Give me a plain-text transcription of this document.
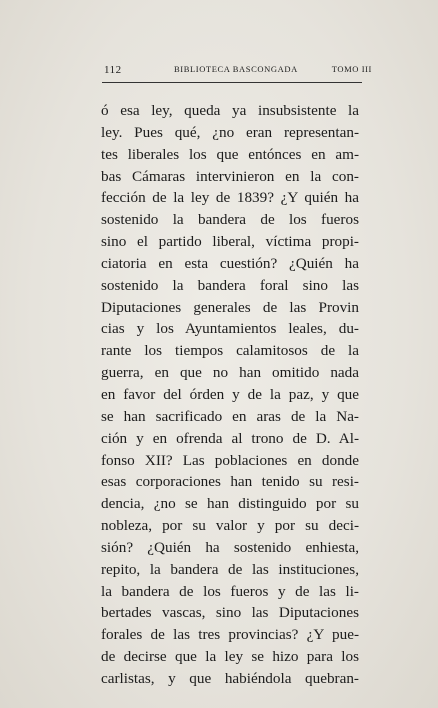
112	BIBLIOTECA BASCONGADA	TOMO III
ó esa ley, queda ya insubsistente la
ley. Pues qué, ¿no eran representan-
tes liberales los que entónces en am-
bas Cámaras intervinieron en la con-
fección de la ley de 1839? ¿Y quién ha
sostenido la bandera de los fueros
sino el partido liberal, víctima propi-
ciatoria en esta cuestión? ¿Quién ha
sostenido la bandera foral sino las
Diputaciones generales de las Provin
cias y los Ayuntamientos leales, du-
rante los tiempos calamitosos de la
guerra, en que no han omitido nada
en favor del órden y de la paz, y que
se han sacrificado en aras de la Na-
ción y en ofrenda al trono de D. Al-
fonso XII? Las poblaciones en donde
esas corporaciones han tenido su resi-
dencia, ¿no se han distinguido por su
nobleza, por su valor y por su deci-
sión? ¿Quién ha sostenido enhiesta,
repito, la bandera de las instituciones,
la bandera de los fueros y de las li-
bertades vascas, sino las Diputaciones
forales de las tres provincias? ¿Y pue-
de decirse que la ley se hizo para los
carlistas, y que habiéndola quebran-
